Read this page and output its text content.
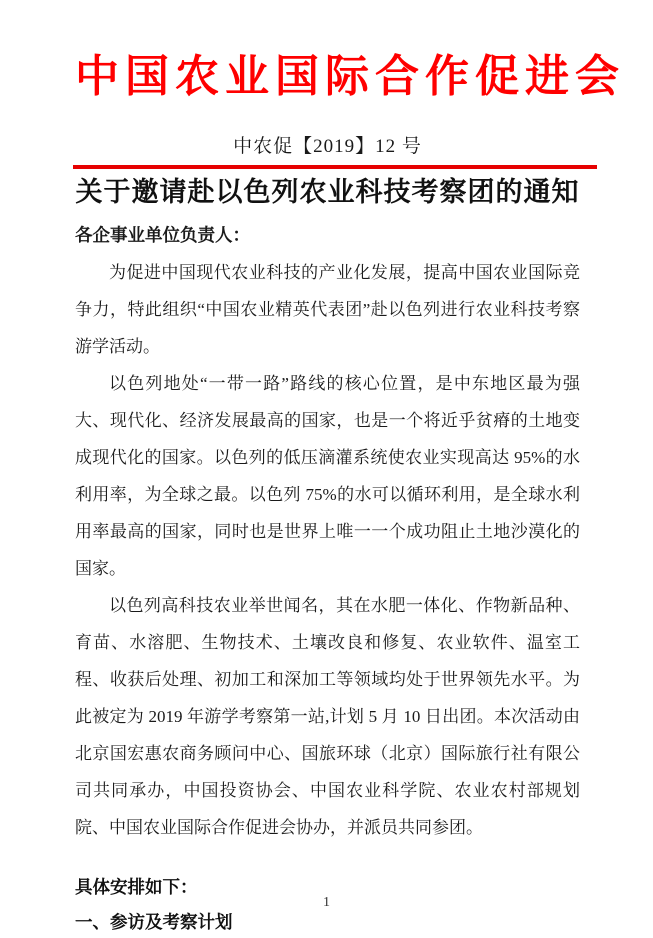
中国农业国际合作促进会
中农促【2019】12 号
关于邀请赴以色列农业科技考察团的通知

各企事业单位负责人：

为促进中国现代农业科技的产业化发展，提高中国农业国际竞争力，特此组织“中国农业精英代表团”赴以色列进行农业科技考察游学活动。

以色列地处“一带一路”路线的核心位置，是中东地区最为强大、现代化、经济发展最高的国家，也是一个将近乎贫瘠的土地变成现代化的国家。以色列的低压滴灌系统使农业实现高达 95%的水利用率，为全球之最。以色列 75%的水可以循环利用，是全球水利用率最高的国家，同时也是世界上唯一一个成功阻止土地沙漠化的国家。

以色列高科技农业举世闻名，其在水肥一体化、作物新品种、育苗、水溶肥、生物技术、土壤改良和修复、农业软件、温室工程、收获后处理、初加工和深加工等领域均处于世界领先水平。为此被定为 2019 年游学考察第一站,计划 5 月 10 日出团。本次活动由北京国宏惠农商务顾问中心、国旅环球（北京）国际旅行社有限公司共同承办，中国投资协会、中国农业科学院、农业农村部规划院、中国农业国际合作促进会协办，并派员共同参团。

具体安排如下：

一、参访及考察计划

1
